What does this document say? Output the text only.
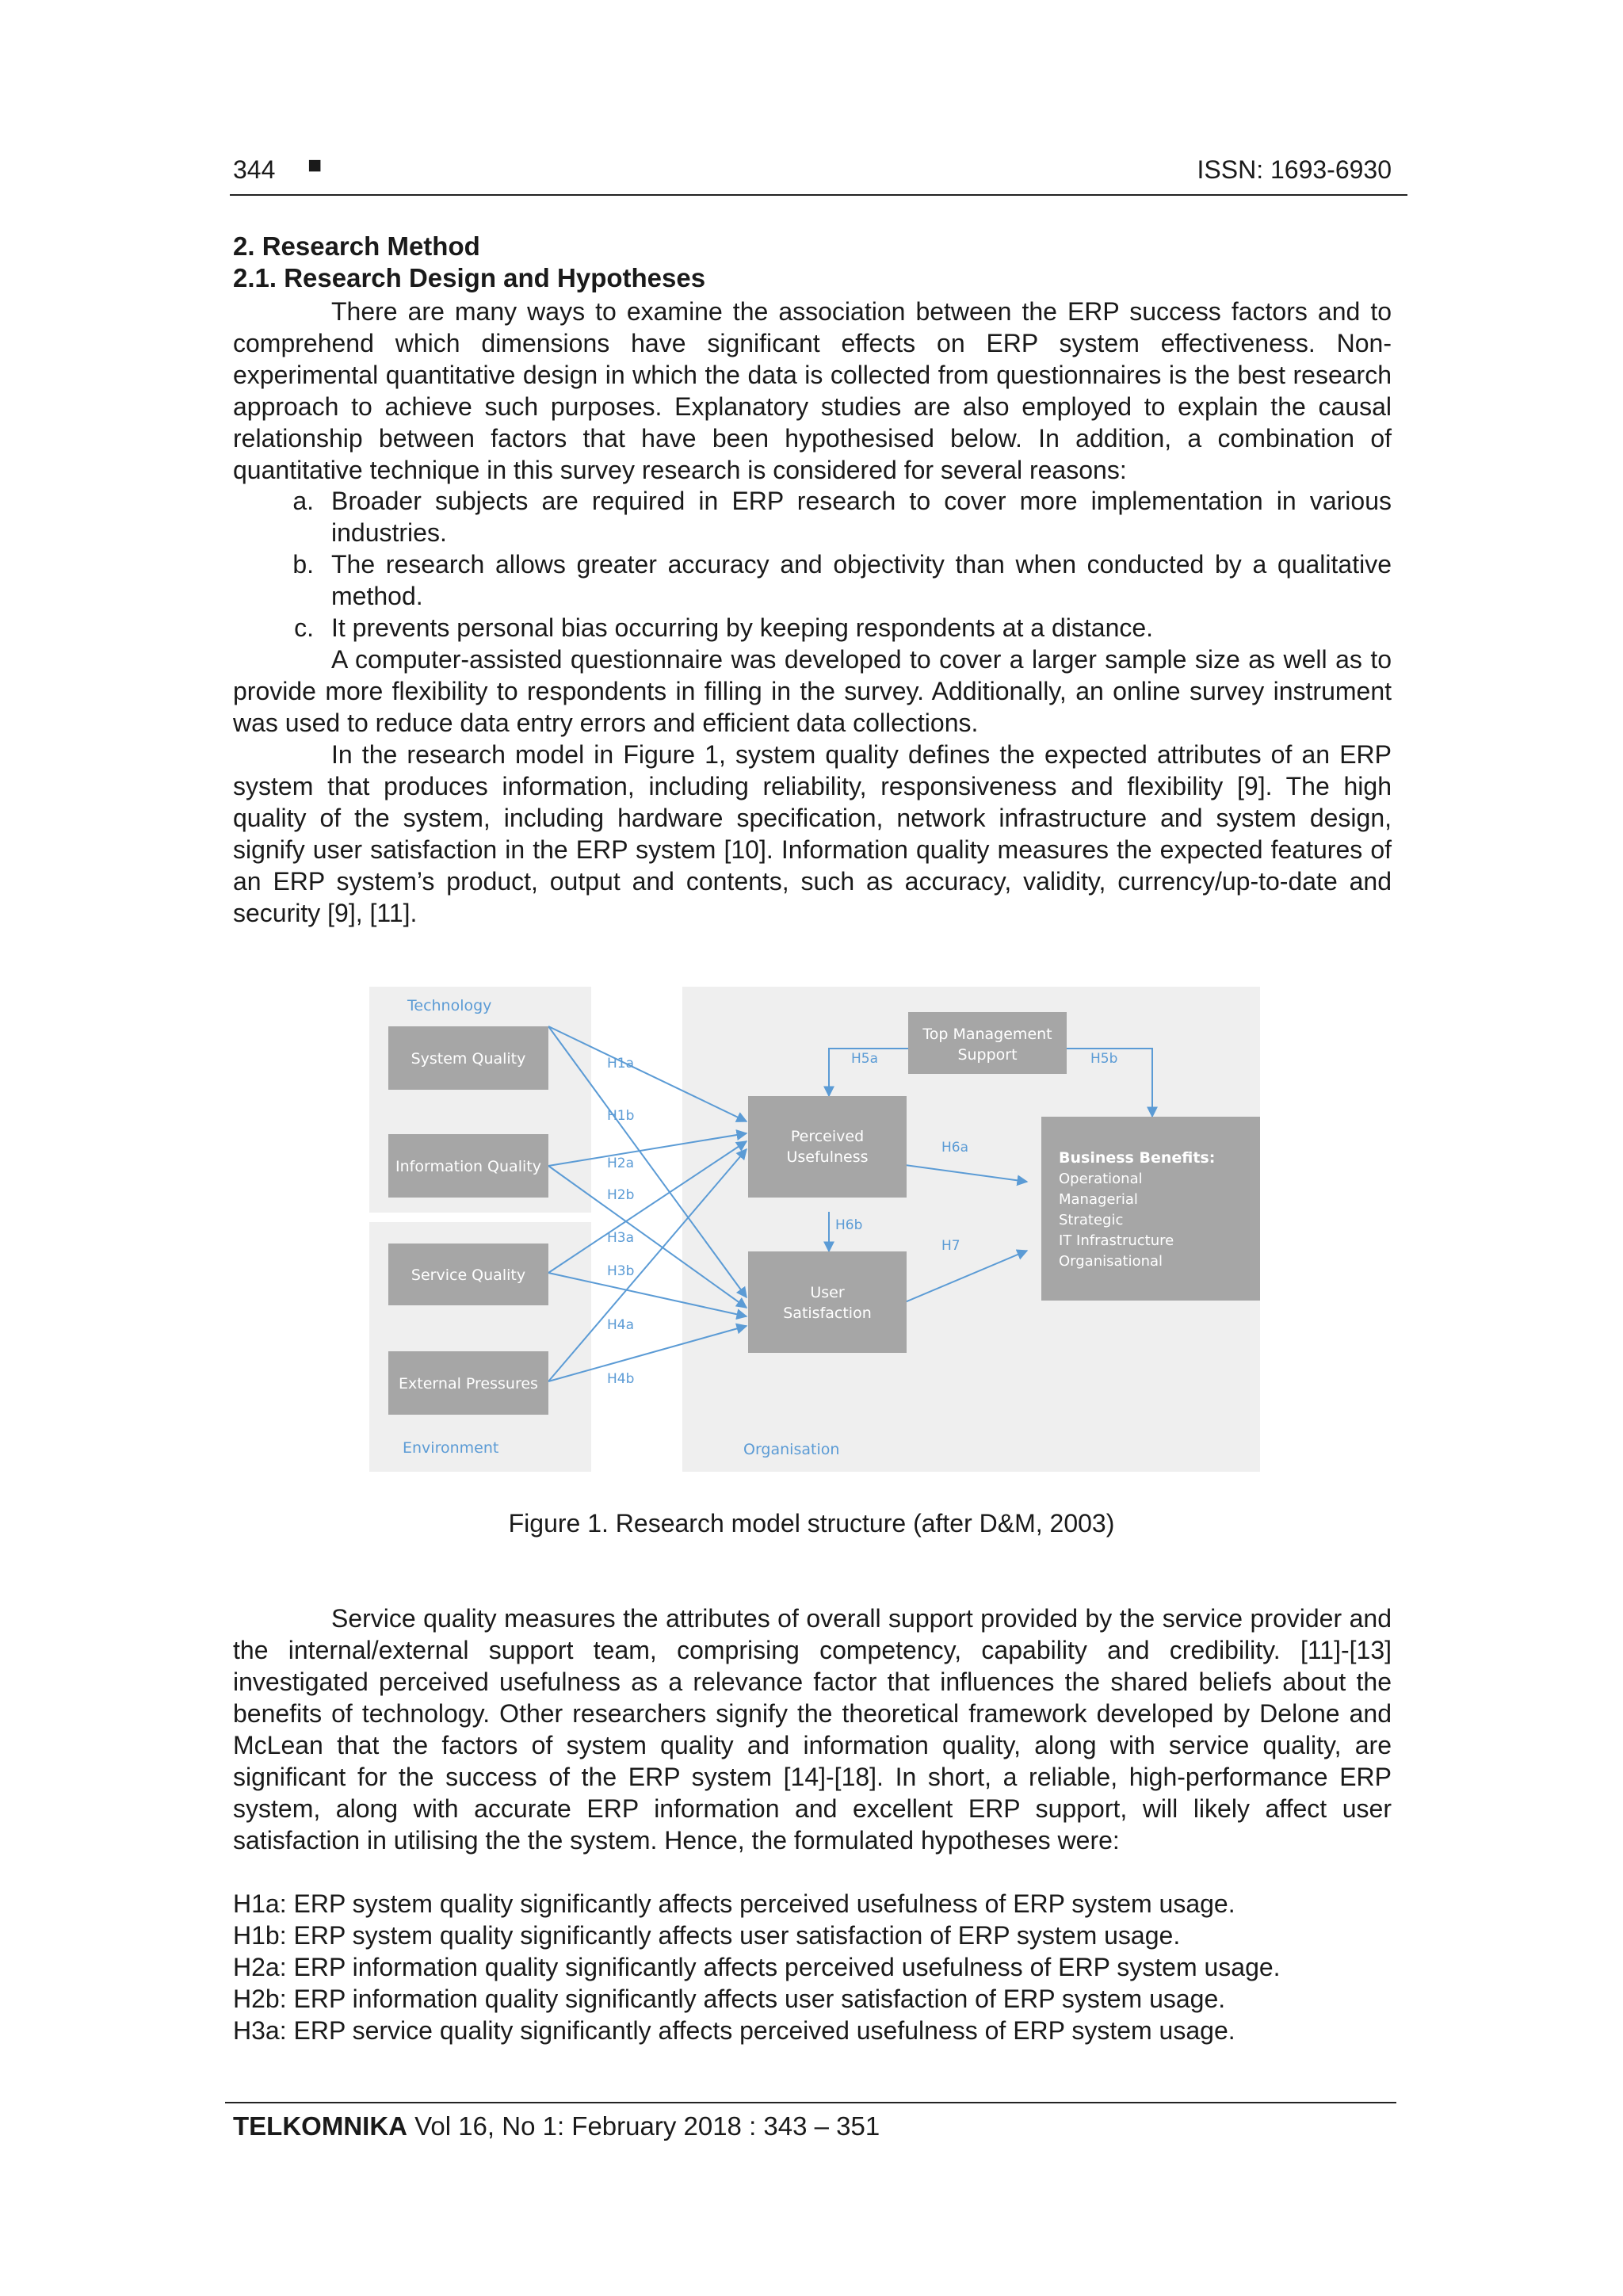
344 ■	ISSN: 1693-6930
2. Research Method
2.1. Research Design and Hypotheses

There are many ways to examine the association between the ERP success factors and to comprehend which dimensions have significant effects on ERP system effectiveness. Non-experimental quantitative design in which the data is collected from questionnaires is the best research approach to achieve such purposes. Explanatory studies are also employed to explain the causal relationship between factors that have been hypothesised below. In addition, a combination of quantitative technique in this survey research is considered for several reasons:

a. Broader subjects are required in ERP research to cover more implementation in various industries.
b. The research allows greater accuracy and objectivity than when conducted by a qualitative method.
c. It prevents personal bias occurring by keeping respondents at a distance.

A computer-assisted questionnaire was developed to cover a larger sample size as well as to provide more flexibility to respondents in filling in the survey. Additionally, an online survey instrument was used to reduce data entry errors and efficient data collections.

In the research model in Figure 1, system quality defines the expected attributes of an ERP system that produces information, including reliability, responsiveness and flexibility [9]. The high quality of the system, including hardware specification, network infrastructure and system design, signify user satisfaction in the ERP system [10]. Information quality measures the expected features of an ERP system’s product, output and contents, such as accuracy, validity, currency/up-to-date and security [9], [11].

Technology
Environment	Organisation
H1a
H1b
H2a
H2b
H3a
H3b
H4a
H4b
H5a	H5b
H6a
H6b
H7
System Quality
Information Quality
Service Quality
External Pressures
Top Management
Support
Perceived
Usefulness
User
Satisfaction
Business Benefits:
Operational
Managerial
Strategic
IT Infrastructure
Organisational
Figure 1. Research model structure (after D&M, 2003)

Service quality measures the attributes of overall support provided by the service provider and the internal/external support team, comprising competency, capability and credibility. [11]-[13] investigated perceived usefulness as a relevance factor that influences the shared beliefs about the benefits of technology. Other researchers signify the theoretical framework developed by Delone and McLean that the factors of system quality and information quality, along with service quality, are significant for the success of the ERP system [14]-[18]. In short, a reliable, high-performance ERP system, along with accurate ERP information and excellent ERP support, will likely affect user satisfaction in utilising the the system. Hence, the formulated hypotheses were:

H1a: ERP system quality significantly affects perceived usefulness of ERP system usage.
H1b: ERP system quality significantly affects user satisfaction of ERP system usage.
H2a: ERP information quality significantly affects perceived usefulness of ERP system usage.
H2b: ERP information quality significantly affects user satisfaction of ERP system usage.
H3a: ERP service quality significantly affects perceived usefulness of ERP system usage.
TELKOMNIKA Vol 16, No 1: February 2018 : 343 – 351
